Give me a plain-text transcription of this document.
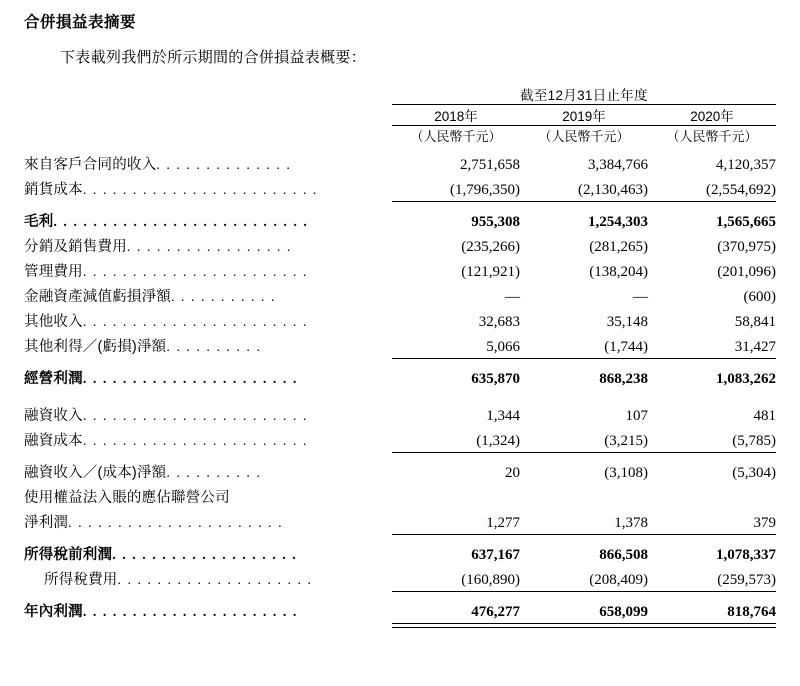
合併損益表摘要
下表載列我們於所示期間的合併損益表概要：
	截至12月31日止年度		

	2018年	2019年	2020年

	（人民幣千元）	（人民幣千元）	（人民幣千元）

來自客戶合同的收入. . . . . . . . . . . . . .	2,751,658	3,384,766	4,120,357
銷貨成本. . . . . . . . . . . . . . . . . . . . . . . .	(1,796,350)	(2,130,463)	(2,554,692)

毛利. . . . . . . . . . . . . . . . . . . . . . . . . .	955,308	1,254,303	1,565,665
分銷及銷售費用. . . . . . . . . . . . . . . . .	(235,266)	(281,265)	(370,975)
管理費用. . . . . . . . . . . . . . . . . . . . . . .	(121,921)	(138,204)	(201,096)
金融資產減值虧損淨額. . . . . . . . . . .	—	—	(600)
其他收入. . . . . . . . . . . . . . . . . . . . . . .	32,683	35,148	58,841
其他利得／(虧損)淨額. . . . . . . . . .	5,066	(1,744)	31,427

經營利潤. . . . . . . . . . . . . . . . . . . . . .	635,870	868,238	1,083,262

融資收入. . . . . . . . . . . . . . . . . . . . . . .	1,344	107	481
融資成本. . . . . . . . . . . . . . . . . . . . . . .	(1,324)	(3,215)	(5,785)

融資收入／(成本)淨額. . . . . . . . . .	20	(3,108)	(5,304)
使用權益法入賬的應佔聯營公司			
淨利潤. . . . . . . . . . . . . . . . . . . . . .	1,277	1,378	379

所得稅前利潤. . . . . . . . . . . . . . . . . . .	637,167	866,508	1,078,337
所得稅費用. . . . . . . . . . . . . . . . . . . .	(160,890)	(208,409)	(259,573)

年內利潤. . . . . . . . . . . . . . . . . . . . . .	476,277	658,099	818,764
